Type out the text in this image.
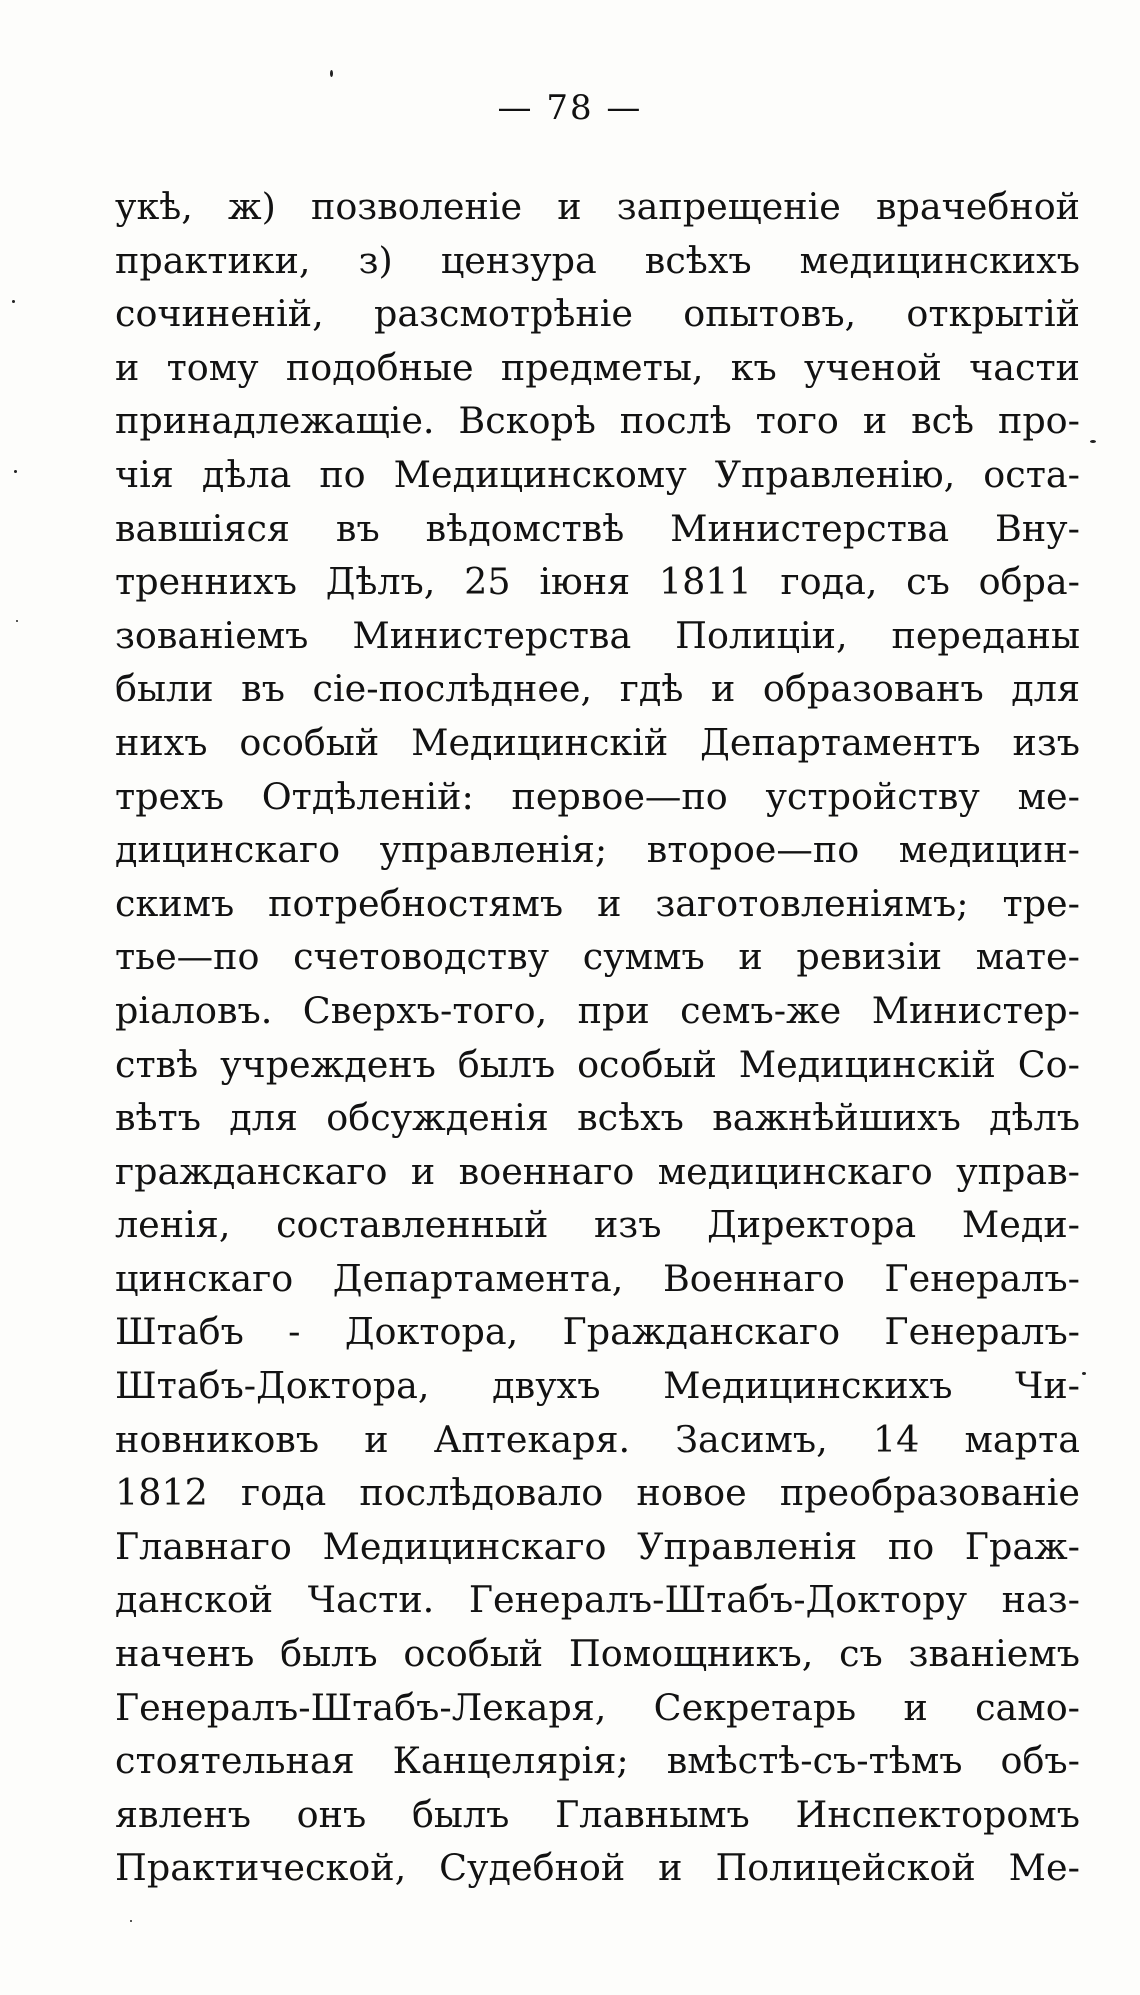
— 78 —
укѣ, ж) позволеніе и запрещеніе врачебной
практики, з) цензура всѣхъ медицинскихъ
сочиненій, разсмотрѣніе опытовъ, открытій
и тому подобные предметы, къ ученой части
принадлежащіе. Вскорѣ послѣ того и всѣ про-
чія дѣла по Медицинскому Управленію, оста-
вавшіяся въ вѣдомствѣ Министерства Вну-
треннихъ Дѣлъ, 25 іюня 1811 года, съ обра-
зованіемъ Министерства Полиціи, переданы
были въ сіе-послѣднее, гдѣ и образованъ для
нихъ особый Медицинскій Департаментъ изъ
трехъ Отдѣленій: первое—по устройству ме-
дицинскаго управленія; второе—по медицин-
скимъ потребностямъ и заготовленіямъ; тре-
тье—по счетоводству суммъ и ревизіи мате-
ріаловъ. Сверхъ-того, при семъ-же Министер-
ствѣ учрежденъ былъ особый Медицинскій Со-
вѣтъ для обсужденія всѣхъ важнѣйшихъ дѣлъ
гражданскаго и военнаго медицинскаго управ-
ленія, составленный изъ Директора Меди-
цинскаго Департамента, Военнаго Генералъ-
Штабъ - Доктора, Гражданскаго Генералъ-
Штабъ-Доктора, двухъ Медицинскихъ Чи-
новниковъ и Аптекаря. Засимъ, 14 марта
1812 года послѣдовало новое преобразованіе
Главнаго Медицинскаго Управленія по Граж-
данской Части. Генералъ-Штабъ-Доктору наз-
наченъ былъ особый Помощникъ, съ званіемъ
Генералъ-Штабъ-Лекаря, Секретарь и само-
стоятельная Канцелярія; вмѣстѣ-съ-тѣмъ объ-
явленъ онъ былъ Главнымъ Инспекторомъ
Практической, Судебной и Полицейской Ме-
